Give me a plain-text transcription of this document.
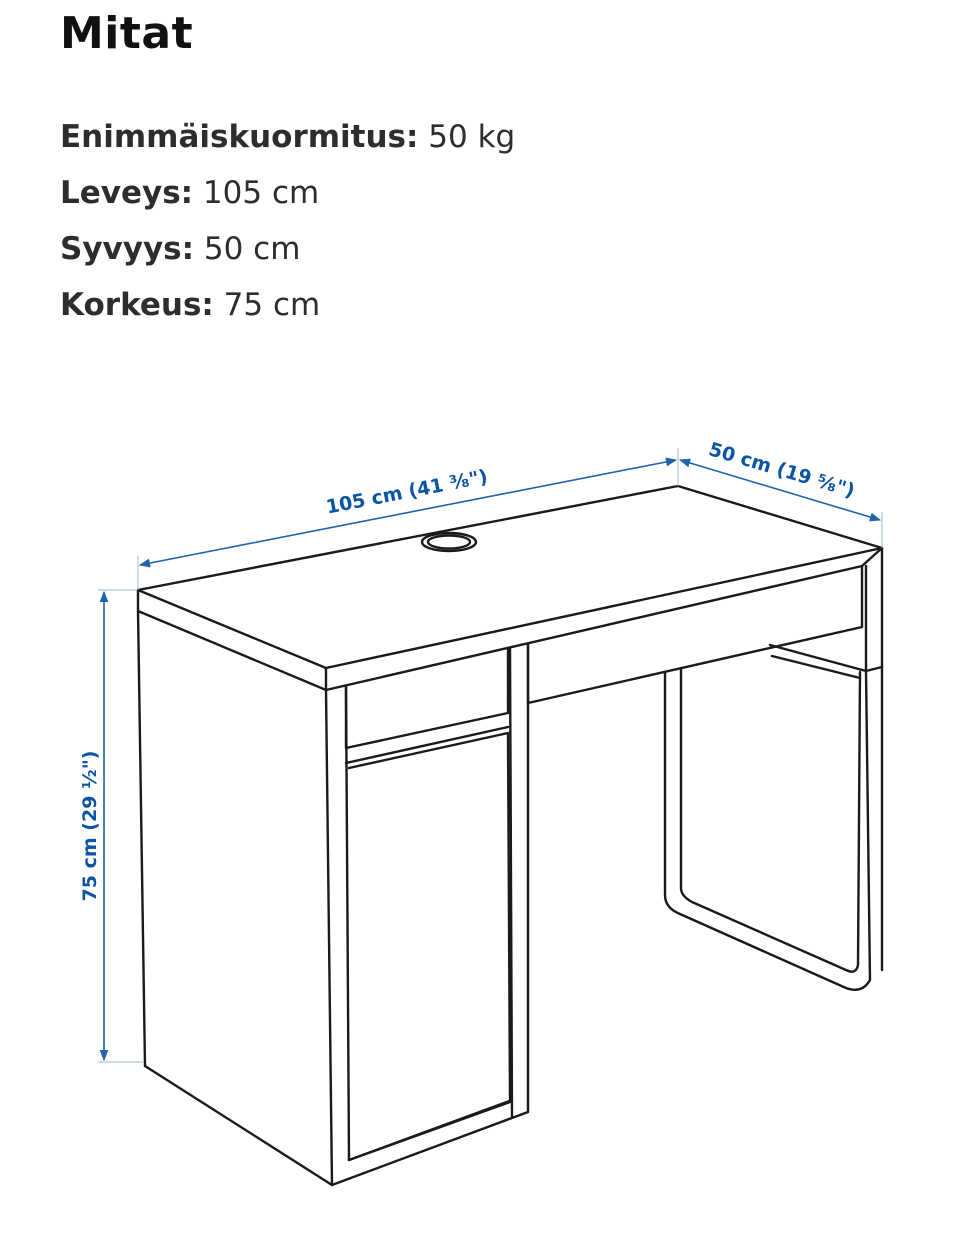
Mitat
Enimmäiskuormitus: 50 kg
Leveys: 105 cm
Syvyys: 50 cm
Korkeus: 75 cm
105 cm (41 ³⁄₈")	50 cm (19 ⁵⁄₈")
75 cm (29 ¹⁄₂")
